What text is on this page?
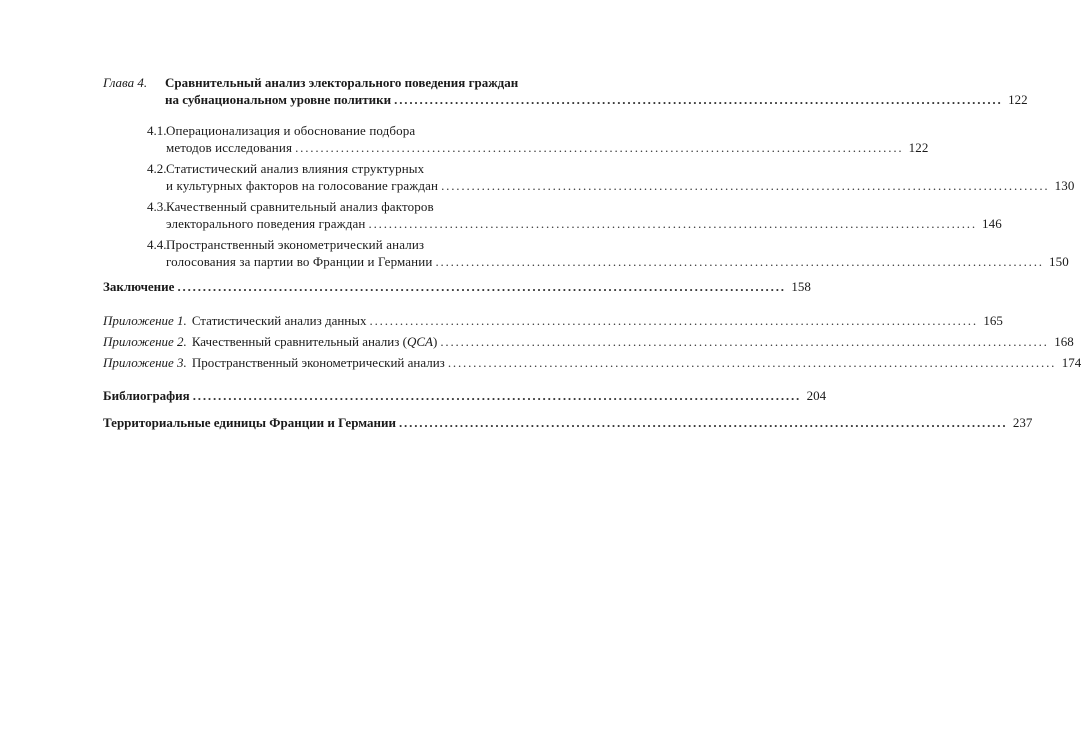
Глава 4.	Сравнительный анализ электорального поведения граждан
на субнациональном уровне политики ........................................................................................................................ 122
4.1. Операционализация и обоснование подбора
методов исследования ........................................................................................................................ 122
4.2. Статистический анализ влияния структурных
и культурных факторов на голосование граждан ........................................................................................................................ 130
4.3. Качественный сравнительный анализ факторов
электорального поведения граждан ........................................................................................................................ 146
4.4. Пространственный эконометрический анализ
голосования за партии во Франции и Германии ........................................................................................................................ 150
Заключение ........................................................................................................................ 158
Приложение 1. Статистический анализ данных ........................................................................................................................ 165
Приложение 2. Качественный сравнительный анализ (QCA) ........................................................................................................................ 168
Приложение 3. Пространственный эконометрический анализ ........................................................................................................................ 174
Библиография ........................................................................................................................ 204
Территориальные единицы Франции и Германии ........................................................................................................................ 237
